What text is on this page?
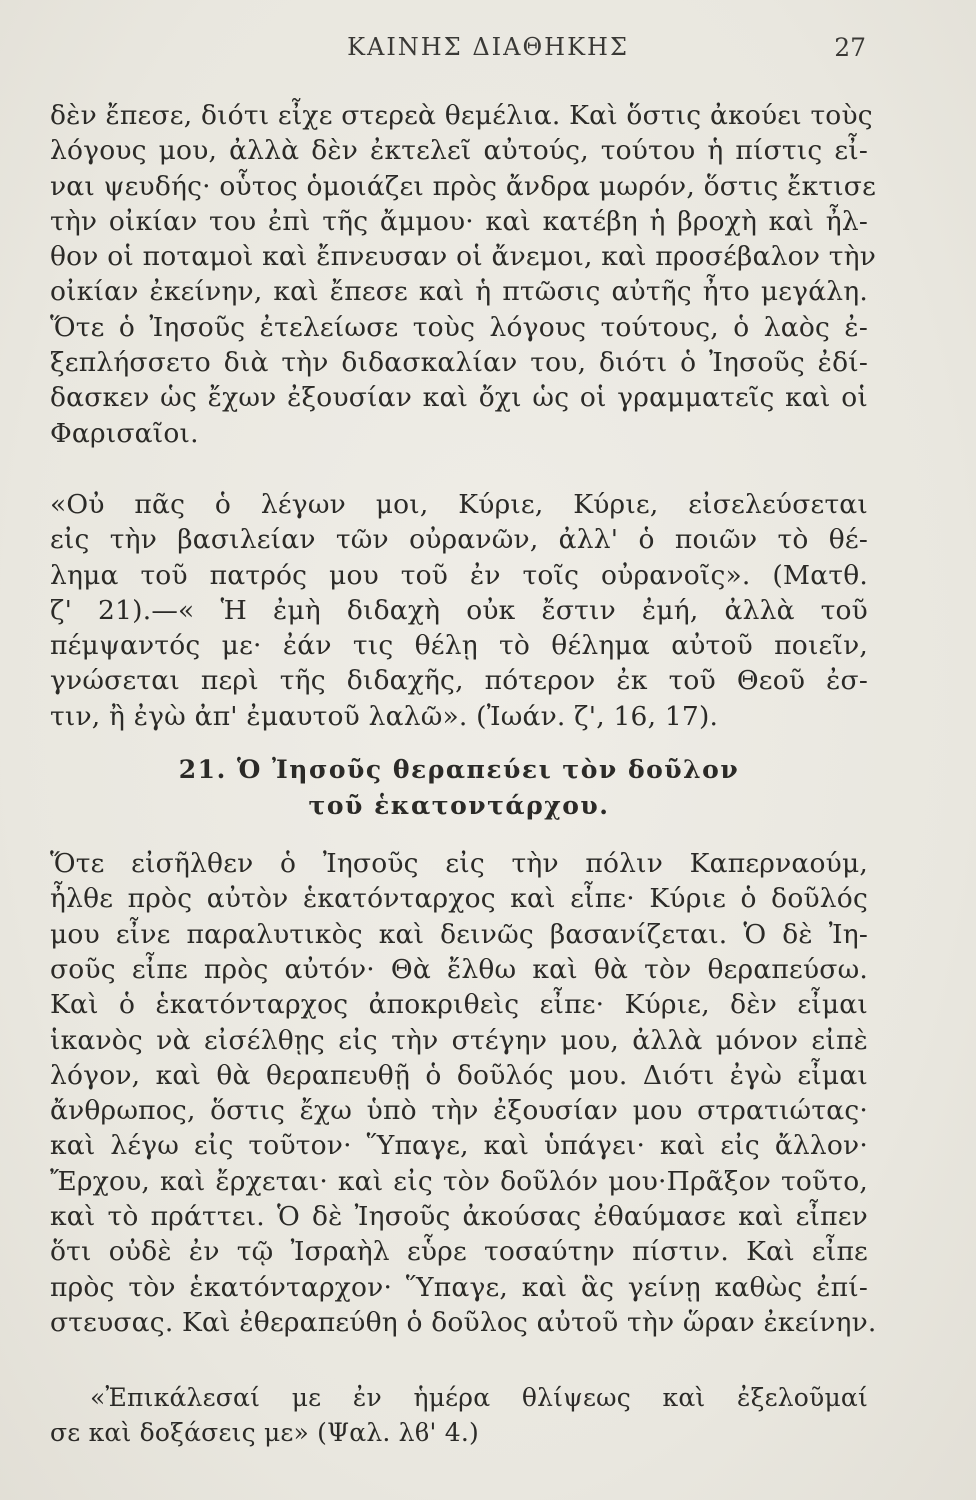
ΚΑΙΝΗΣ ΔΙΑΘΗΚΗΣ	27
δὲν ἔπεσε, διότι εἶχε στερεὰ θεμέλια. Καὶ ὅστις ἀκούει τοὺς
λόγους μου, ἀλλὰ δὲν ἐκτελεῖ αὐτούς, τούτου ἡ πίστις εἶ-
ναι ψευδής· οὗτος ὁμοιάζει πρὸς ἄνδρα μωρόν, ὅστις ἔκτισε
τὴν οἰκίαν του ἐπὶ τῆς ἄμμου· καὶ κατέβη ἡ βροχὴ καὶ ἦλ-
θον οἱ ποταμοὶ καὶ ἔπνευσαν οἱ ἄνεμοι, καὶ προσέβαλον τὴν
οἰκίαν ἐκείνην, καὶ ἔπεσε καὶ ἡ πτῶσις αὐτῆς ἦτο μεγάλη.
Ὅτε ὁ Ἰησοῦς ἐτελείωσε τοὺς λόγους τούτους, ὁ λαὸς ἐ-
ξεπλήσσετο διὰ τὴν διδασκαλίαν του, διότι ὁ Ἰησοῦς ἐδί-
δασκεν ὡς ἔχων ἐξουσίαν καὶ ὄχι ὡς οἱ γραμματεῖς καὶ οἱ
Φαρισαῖοι.
«Οὐ πᾶς ὁ λέγων μοι, Κύριε, Κύριε, εἰσελεύσεται
εἰς τὴν βασιλείαν τῶν οὐρανῶν, ἀλλ' ὁ ποιῶν τὸ θέ-
λημα τοῦ πατρός μου τοῦ ἐν τοῖς οὐρανοῖς». (Ματθ.
ζ' 21).—« Ἡ ἐμὴ διδαχὴ οὐκ ἔστιν ἐμή, ἀλλὰ τοῦ
πέμψαντός με· ἐάν τις θέλῃ τὸ θέλημα αὐτοῦ ποιεῖν,
γνώσεται περὶ τῆς διδαχῆς, πότερον ἐκ τοῦ Θεοῦ ἐσ-
τιν, ἢ ἐγὼ ἀπ' ἐμαυτοῦ λαλῶ». (Ἰωάν. ζ', 16, 17).
21. Ὁ Ἰησοῦς θεραπεύει τὸν δοῦλον
τοῦ ἑκατοντάρχου.
Ὅτε εἰσῆλθεν ὁ Ἰησοῦς εἰς τὴν πόλιν Καπερναούμ,
ἦλθε πρὸς αὐτὸν ἑκατόνταρχος καὶ εἶπε· Κύριε ὁ δοῦλός
μου εἶνε παραλυτικὸς καὶ δεινῶς βασανίζεται. Ὁ δὲ Ἰη-
σοῦς εἶπε πρὸς αὐτόν· Θὰ ἔλθω καὶ θὰ τὸν θεραπεύσω.
Καὶ ὁ ἑκατόνταρχος ἀποκριθεὶς εἶπε· Κύριε, δὲν εἶμαι
ἱκανὸς νὰ εἰσέλθῃς εἰς τὴν στέγην μου, ἀλλὰ μόνον εἰπὲ
λόγον, καὶ θὰ θεραπευθῇ ὁ δοῦλός μου. Διότι ἐγὼ εἶμαι
ἄνθρωπος, ὅστις ἔχω ὑπὸ τὴν ἐξουσίαν μου στρατιώτας·
καὶ λέγω εἰς τοῦτον· Ὕπαγε, καὶ ὑπάγει· καὶ εἰς ἄλλον·
Ἔρχου, καὶ ἔρχεται· καὶ εἰς τὸν δοῦλόν μου·Πρᾶξον τοῦτο,
καὶ τὸ πράττει. Ὁ δὲ Ἰησοῦς ἀκούσας ἐθαύμασε καὶ εἶπεν
ὅτι οὐδὲ ἐν τῷ Ἰσραὴλ εὗρε τοσαύτην πίστιν. Καὶ εἶπε
πρὸς τὸν ἑκατόνταρχον· Ὕπαγε, καὶ ἃς γείνῃ καθὼς ἐπί-
στευσας. Καὶ ἐθεραπεύθη ὁ δοῦλος αὐτοῦ τὴν ὥραν ἐκείνην.
«Ἐπικάλεσαί με ἐν ἡμέρα θλίψεως καὶ ἐξελοῦμαί
σε καὶ δοξάσεις με» (Ψαλ. λϐ' 4.)
